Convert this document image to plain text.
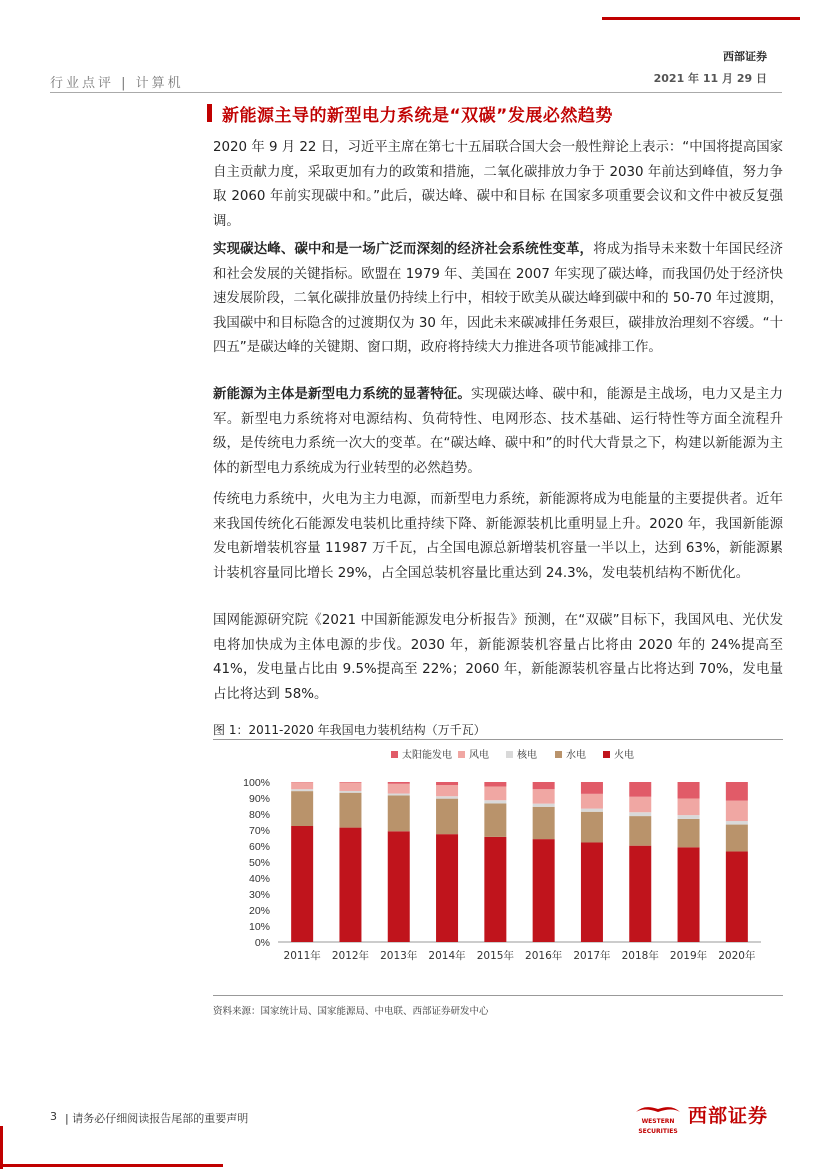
西部证券
2021 年 11 月 29 日
行业点评 | 计算机
新能源主导的新型电力系统是“双碳”发展必然趋势

2020 年 9 月 22 日，习近平主席在第七十五届联合国大会一般性辩论上表示：“中国将提高国家自主贡献力度，采取更加有力的政策和措施，二氧化碳排放力争于 2030 年前达到峰值，努力争取 2060 年前实现碳中和。”此后，碳达峰、碳中和目标 在国家多项重要会议和文件中被反复强调。

实现碳达峰、碳中和是一场广泛而深刻的经济社会系统性变革，将成为指导未来数十年国民经济和社会发展的关键指标。欧盟在 1979 年、美国在 2007 年实现了碳达峰，而我国仍处于经济快速发展阶段，二氧化碳排放量仍持续上行中，相较于欧美从碳达峰到碳中和的 50-70 年过渡期，我国碳中和目标隐含的过渡期仅为 30 年，因此未来碳减排任务艰巨，碳排放治理刻不容缓。“十四五”是碳达峰的关键期、窗口期，政府将持续大力推进各项节能减排工作。

新能源为主体是新型电力系统的显著特征。实现碳达峰、碳中和，能源是主战场，电力又是主力军。新型电力系统将对电源结构、负荷特性、电网形态、技术基础、运行特性等方面全流程升级，是传统电力系统一次大的变革。在“碳达峰、碳中和”的时代大背景之下，构建以新能源为主体的新型电力系统成为行业转型的必然趋势。

传统电力系统中，火电为主力电源，而新型电力系统，新能源将成为电能量的主要提供者。近年来我国传统化石能源发电装机比重持续下降、新能源装机比重明显上升。2020 年，我国新能源发电新增装机容量 11987 万千瓦，占全国电源总新增装机容量一半以上，达到 63%，新能源累计装机容量同比增长 29%，占全国总装机容量比重达到 24.3%，发电装机结构不断优化。

国网能源研究院《2021 中国新能源发电分析报告》预测，在“双碳”目标下，我国风电、光伏发电将加快成为主体电源的步伐。2030 年，新能源装机容量占比将由 2020 年的 24%提高至 41%，发电量占比由 9.5%提高至 22%；2060 年，新能源装机容量占比将达到 70%，发电量占比将达到 58%。

图 1：2011-2020 年我国电力装机结构（万千瓦）
太阳能发电 风电	核电	水电	火电
0%
10%
20%
30%
40%
50%
60%
70%
80%
90%
100%
2011年 2012年 2013年 2014年 2015年 2016年 2017年 2018年 2019年 2020年
资料来源：国家统计局、国家能源局、中电联、西部证券研发中心
3 | 请务必仔细阅读报告尾部的重要声明	WESTERN SECURITIES
西部证券
